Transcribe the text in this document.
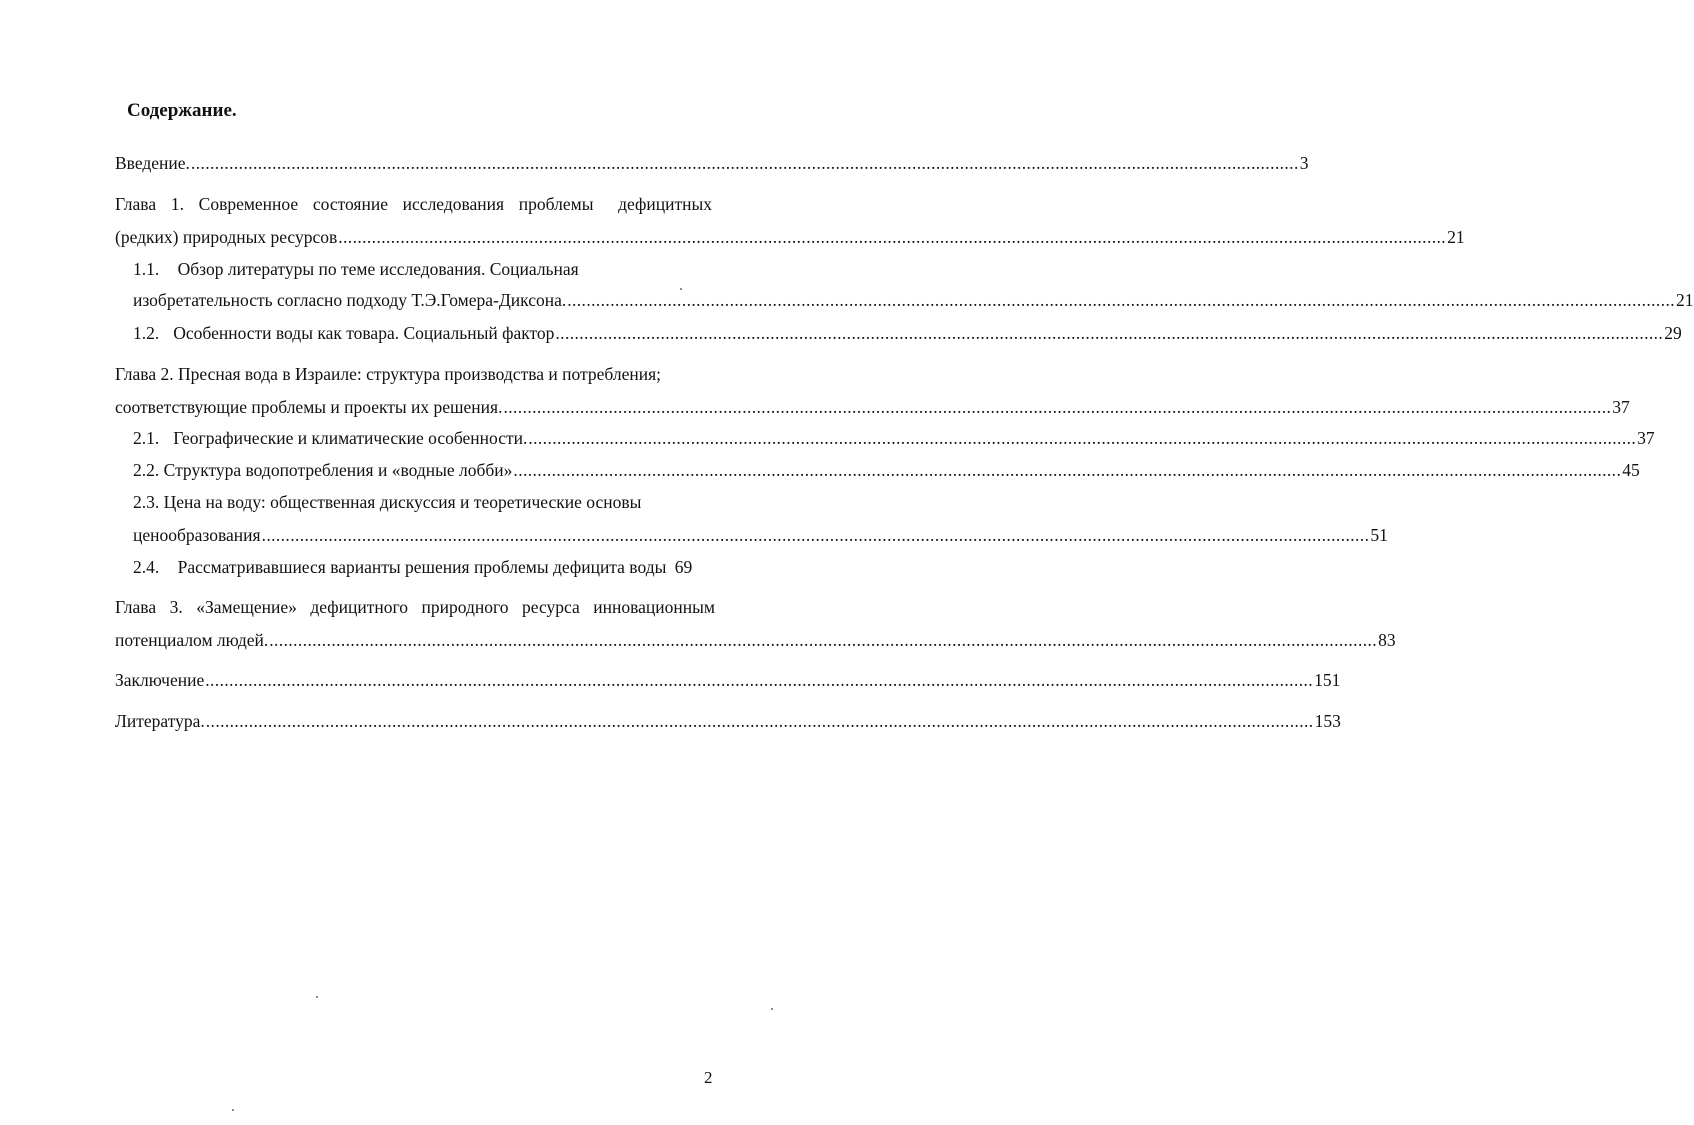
Содержание.
Введение. ........................................................................................................................................................................................................................................ 3
Глава 1. Современное состояние исследования проблемы дефицитных
(редких) природных ресурсов ........................................................................................................................................................................................................................................ 21
1.1. Обзор литературы по теме исследования. Социальная
изобретательность согласно подходу Т.Э.Гомера-Диксона. ........................................................................................................................................................................................................................................ 21
1.2. Особенности воды как товара. Социальный фактор ........................................................................................................................................................................................................................................ 29
Глава 2. Пресная вода в Израиле: структура производства и потребления;
соответствующие проблемы и проекты их решения. ........................................................................................................................................................................................................................................ 37
2.1. Географические и климатические особенности. ........................................................................................................................................................................................................................................ 37
2.2. Структура водопотребления и «водные лобби» ........................................................................................................................................................................................................................................ 45
2.3. Цена на воду: общественная дискуссия и теоретические основы
ценообразования ........................................................................................................................................................................................................................................ 51
2.4. Рассматривавшиеся варианты решения проблемы дефицита воды 69
Глава 3. «Замещение» дефицитного природного ресурса инновационным
потенциалом людей. ........................................................................................................................................................................................................................................ 83
Заключение ........................................................................................................................................................................................................................................ 151
Литература. ........................................................................................................................................................................................................................................ 153
2
